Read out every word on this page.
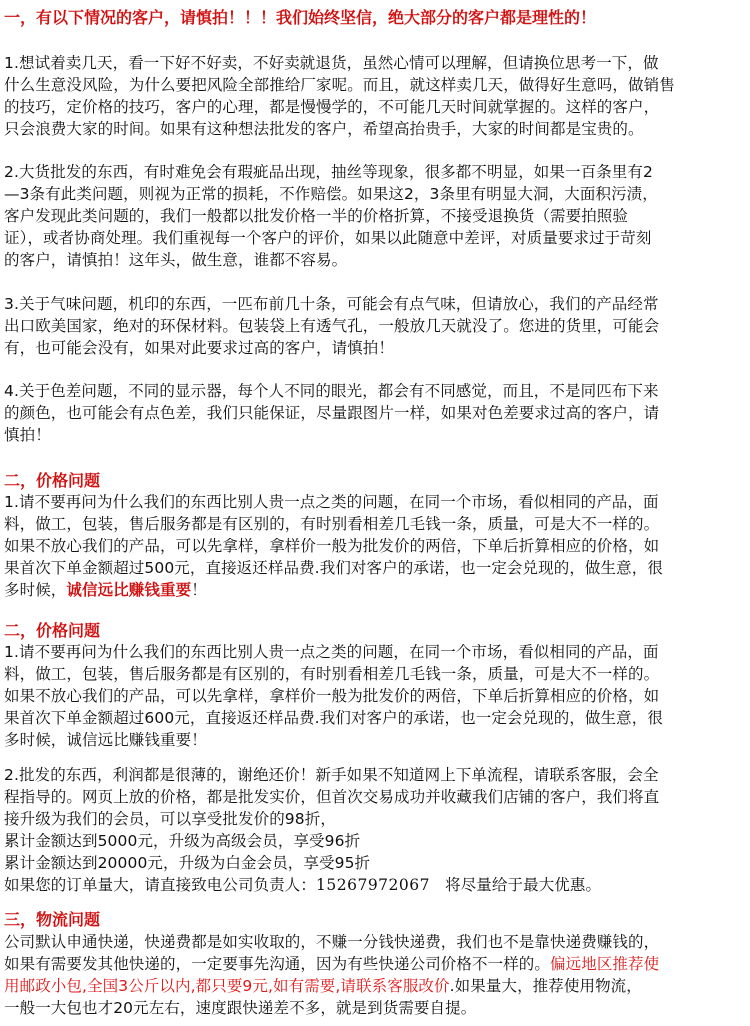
一，有以下情况的客户，请慎拍！！！我们始终坚信，绝大部分的客户都是理性的！
1.想试着卖几天，看一下好不好卖，不好卖就退货，虽然心情可以理解，但请换位思考一下，做
什么生意没风险，为什么要把风险全部推给厂家呢。而且，就这样卖几天，做得好生意吗，做销售
的技巧，定价格的技巧，客户的心理，都是慢慢学的，不可能几天时间就掌握的。这样的客户，
只会浪费大家的时间。如果有这种想法批发的客户，希望高抬贵手，大家的时间都是宝贵的。
2.大货批发的东西，有时难免会有瑕疵品出现，抽丝等现象，很多都不明显，如果一百条里有2
—3条有此类问题，则视为正常的损耗，不作赔偿。如果这2，3条里有明显大洞，大面积污渍，
客户发现此类问题的，我们一般都以批发价格一半的价格折算，不接受退换货（需要拍照验
证），或者协商处理。我们重视每一个客户的评价，如果以此随意中差评，对质量要求过于苛刻
的客户，请慎拍！这年头，做生意，谁都不容易。
3.关于气味问题，机印的东西，一匹布前几十条，可能会有点气味，但请放心，我们的产品经常
出口欧美国家，绝对的环保材料。包装袋上有透气孔，一般放几天就没了。您进的货里，可能会
有，也可能会没有，如果对此要求过高的客户，请慎拍！
4.关于色差问题，不同的显示器，每个人不同的眼光，都会有不同感觉，而且，不是同匹布下来
的颜色，也可能会有点色差，我们只能保证，尽量跟图片一样，如果对色差要求过高的客户，请
慎拍！
二，价格问题
1.请不要再问为什么我们的东西比别人贵一点之类的问题，在同一个市场，看似相同的产品，面
料，做工，包装，售后服务都是有区别的，有时别看相差几毛钱一条，质量，可是大不一样的。
如果不放心我们的产品，可以先拿样，拿样价一般为批发价的两倍，下单后折算相应的价格，如
果首次下单金额超过500元，直接返还样品费.我们对客户的承诺，也一定会兑现的，做生意，很
多时候，诚信远比赚钱重要！
二，价格问题
1.请不要再问为什么我们的东西比别人贵一点之类的问题，在同一个市场，看似相同的产品，面
料，做工，包装，售后服务都是有区别的，有时别看相差几毛钱一条，质量，可是大不一样的。
如果不放心我们的产品，可以先拿样，拿样价一般为批发价的两倍，下单后折算相应的价格，如
果首次下单金额超过600元，直接返还样品费.我们对客户的承诺，也一定会兑现的，做生意，很
多时候，诚信远比赚钱重要！
2.批发的东西，利润都是很薄的，谢绝还价！新手如果不知道网上下单流程，请联系客服，会全
程指导的。网页上放的价格，都是批发实价，但首次交易成功并收藏我们店铺的客户，我们将直
接升级为我们的会员，可以享受批发价的98折，
累计金额达到5000元，升级为高级会员，享受96折
累计金额达到20000元，升级为白金会员，享受95折
如果您的订单量大，请直接致电公司负责人：15267972067 将尽量给于最大优惠。
三，物流问题
公司默认申通快递，快递费都是如实收取的，不赚一分钱快递费，我们也不是靠快递费赚钱的，
如果有需要发其他快递的，一定要事先沟通，因为有些快递公司价格不一样的。偏远地区推荐使
用邮政小包,全国3公斤以内,都只要9元,如有需要,请联系客服改价.如果量大，推荐使用物流，
一般一大包也才20元左右，速度跟快递差不多，就是到货需要自提。
